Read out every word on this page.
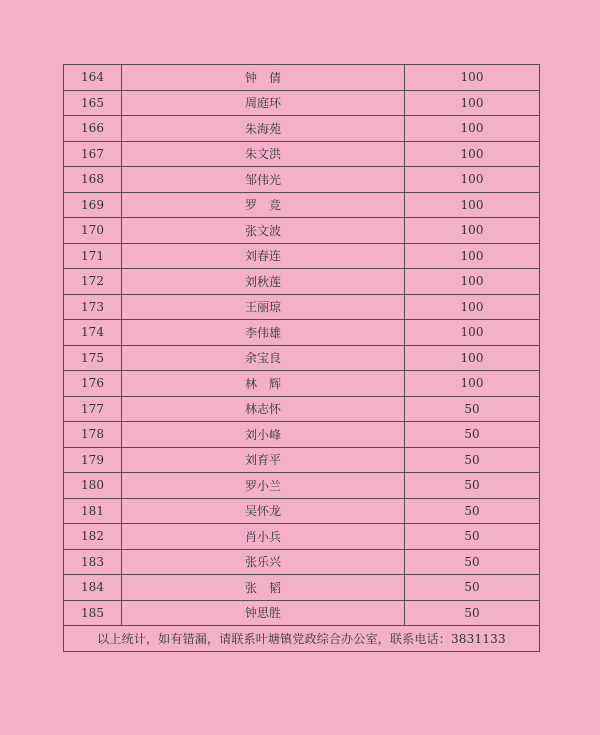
164	钟　倩	100
165	周庭环	100
166	朱海苑	100
167	朱文洪	100
168	邹伟光	100
169	罗　竞	100
170	张文波	100
171	刘春连	100
172	刘秋莲	100
173	王丽琼	100
174	李伟雄	100
175	余宝良	100
176	林　辉	100
177	林志怀	50
178	刘小峰	50
179	刘育平	50
180	罗小兰	50
181	吴怀龙	50
182	肖小兵	50
183	张乐兴	50
184	张　韬	50
185	钟思胜	50
以上统计，如有错漏，请联系叶塘镇党政综合办公室，联系电话：3831133		
